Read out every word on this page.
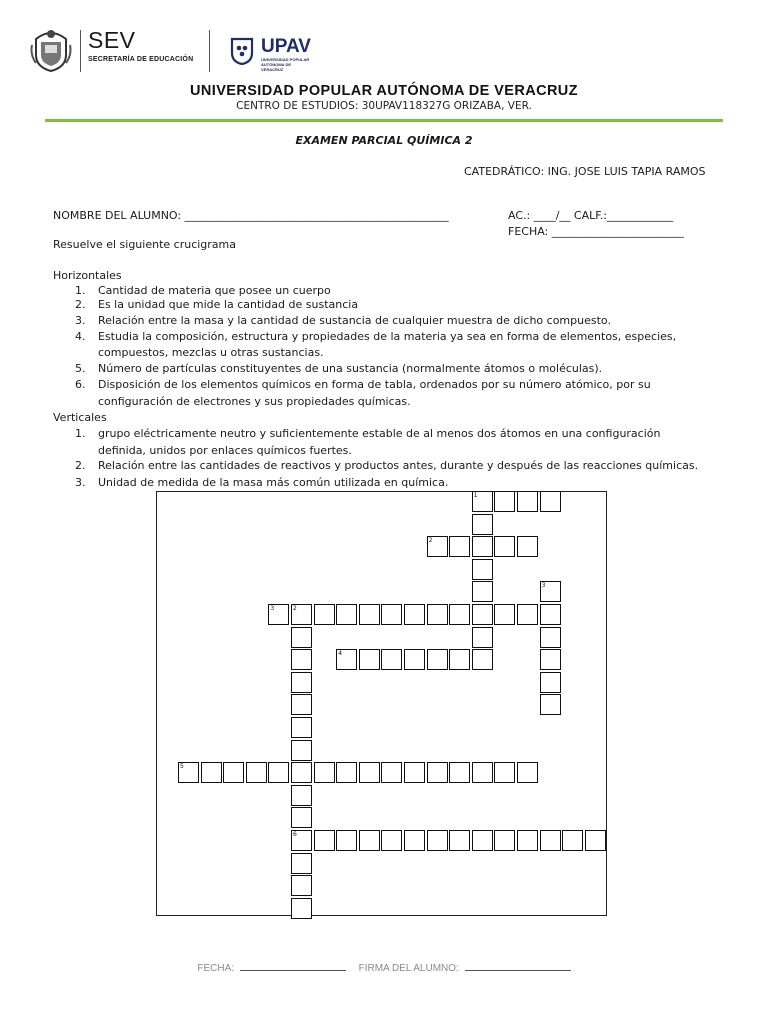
SEV
SECRETARÍA DE EDUCACIÓN
UPAV
UNIVERSIDAD POPULAR
AUTÓNOMA DE VERACRUZ
UNIVERSIDAD POPULAR AUTÓNOMA DE VERACRUZ
CENTRO DE ESTUDIOS: 30UPAV118327G ORIZABA, VER.
EXAMEN PARCIAL QUÍMICA 2
CATEDRÁTICO: ING. JOSE LUIS TAPIA RAMOS
NOMBRE DEL ALUMNO: ________________________________________________	AC.: ____/__ CALF.:____________
FECHA: ________________________
Resuelve el siguiente crucigrama
Horizontales
1. Cantidad de materia que posee un cuerpo
2. Es la unidad que mide la cantidad de sustancia
3. Relación entre la masa y la cantidad de sustancia de cualquier muestra de dicho compuesto.
4. Estudia la composición, estructura y propiedades de la materia ya sea en forma de elementos, especies,
compuestos, mezclas u otras sustancias.
5. Número de partículas constituyentes de una sustancia (normalmente átomos o moléculas).
6. Disposición de los elementos químicos en forma de tabla, ordenados por su número atómico, por su
configuración de electrones y sus propiedades químicas.
Verticales
1. grupo eléctricamente neutro y suficientemente estable de al menos dos átomos en una configuración
definida, unidos por enlaces químicos fuertes.
2. Relación entre las cantidades de reactivos y productos antes, durante y después de las reacciones químicas.
3. Unidad de medida de la masa más común utilizada en química.
1
2
3
3	2
4
5
6
FECHA:	FIRMA DEL ALUMNO:
